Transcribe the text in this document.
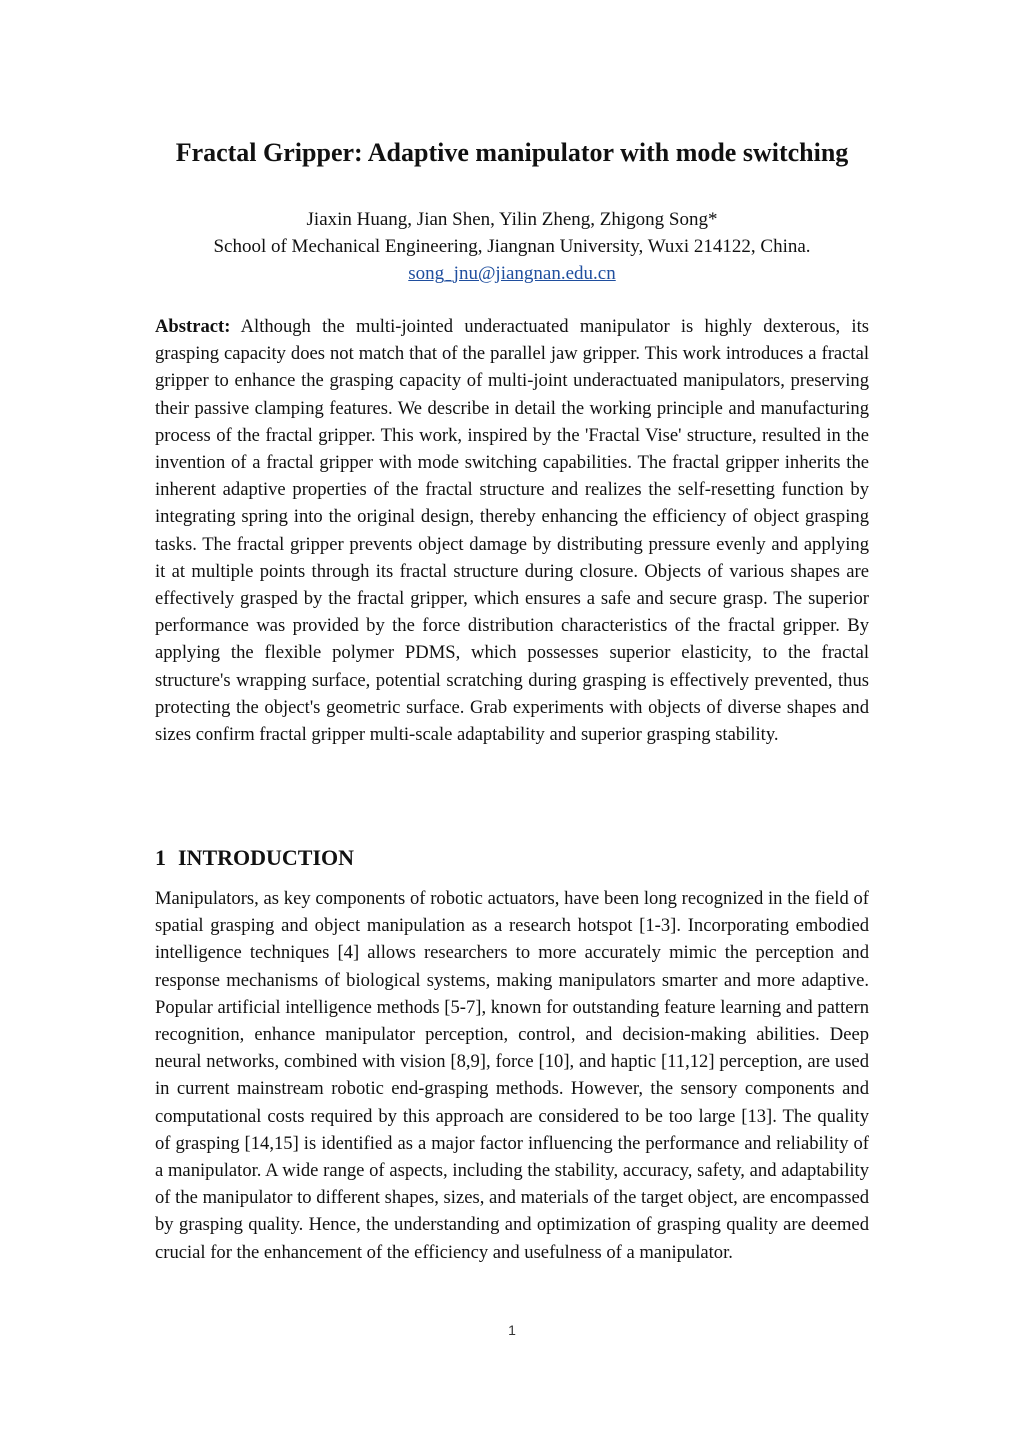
Fractal Gripper: Adaptive manipulator with mode switching

Jiaxin Huang, Jian Shen, Yilin Zheng, Zhigong Song*

School of Mechanical Engineering, Jiangnan University, Wuxi 214122, China.

song_jnu@jiangnan.edu.cn

Abstract: Although the multi-jointed underactuated manipulator is highly dexterous, its grasping capacity does not match that of the parallel jaw gripper. This work introduces a fractal gripper to enhance the grasping capacity of multi-joint underactuated manipulators, preserving their passive clamping features. We describe in detail the working principle and manufacturing process of the fractal gripper. This work, inspired by the 'Fractal Vise' structure, resulted in the invention of a fractal gripper with mode switching capabilities. The fractal gripper inherits the inherent adaptive properties of the fractal structure and realizes the self-resetting function by integrating spring into the original design, thereby enhancing the efficiency of object grasping tasks. The fractal gripper prevents object damage by distributing pressure evenly and applying it at multiple points through its fractal structure during closure. Objects of various shapes are effectively grasped by the fractal gripper, which ensures a safe and secure grasp. The superior performance was provided by the force distribution characteristics of the fractal gripper. By applying the flexible polymer PDMS, which possesses superior elasticity, to the fractal structure's wrapping surface, potential scratching during grasping is effectively prevented, thus protecting the object's geometric surface. Grab experiments with objects of diverse shapes and sizes confirm fractal gripper multi-scale adaptability and superior grasping stability.

1 INTRODUCTION

Manipulators, as key components of robotic actuators, have been long recognized in the field of spatial grasping and object manipulation as a research hotspot [1-3]. Incorporating embodied intelligence techniques [4] allows researchers to more accurately mimic the perception and response mechanisms of biological systems, making manipulators smarter and more adaptive. Popular artificial intelligence methods [5-7], known for outstanding feature learning and pattern recognition, enhance manipulator perception, control, and decision-making abilities. Deep neural networks, combined with vision [8,9], force [10], and haptic [11,12] perception, are used in current mainstream robotic end-grasping methods. However, the sensory components and computational costs required by this approach are considered to be too large [13]. The quality of grasping [14,15] is identified as a major factor influencing the performance and reliability of a manipulator. A wide range of aspects, including the stability, accuracy, safety, and adaptability of the manipulator to different shapes, sizes, and materials of the target object, are encompassed by grasping quality. Hence, the understanding and optimization of grasping quality are deemed crucial for the enhancement of the efficiency and usefulness of a manipulator.

1
